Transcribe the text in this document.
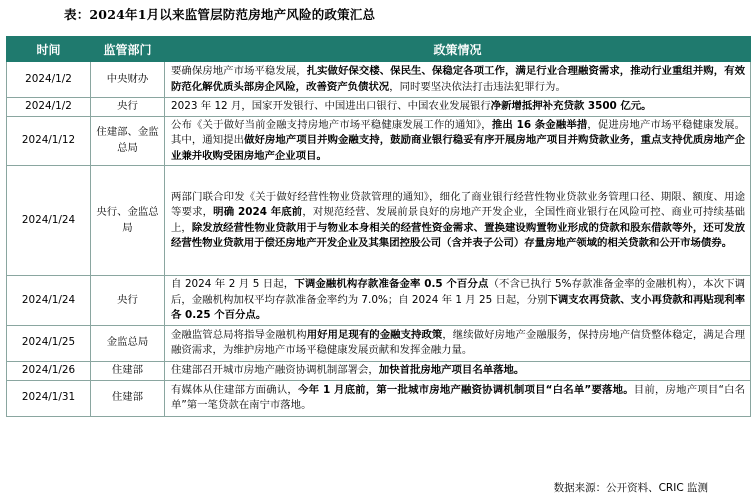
表：2024年1月以来监管层防范房地产风险的政策汇总
时间	监管部门	政策情况
2024/1/2	中央财办	要确保房地产市场平稳发展，扎实做好保交楼、保民生、保稳定各项工作，满足行业合理融资需求，推动行业重组并购，有效防范化解优质头部房企风险，改善资产负债状况，同时要坚决依法打击违法犯罪行为。
2024/1/2	央行	2023 年 12 月，国家开发银行、中国进出口银行、中国农业发展银行净新增抵押补充贷款 3500 亿元。
2024/1/12	住建部、金监总局	公布《关于做好当前金融支持房地产市场平稳健康发展工作的通知》，推出 16 条金融举措，促进房地产市场平稳健康发展。其中，通知提出做好房地产项目并购金融支持，鼓励商业银行稳妥有序开展房地产项目并购贷款业务，重点支持优质房地产企业兼并收购受困房地产企业项目。
2024/1/24	央行、金监总局	两部门联合印发《关于做好经营性物业贷款管理的通知》，细化了商业银行经营性物业贷款业务管理口径、期限、额度、用途等要求，明确 2024 年底前，对规范经营、发展前景良好的房地产开发企业，全国性商业银行在风险可控、商业可持续基础上，除发放经营性物业贷款用于与物业本身相关的经营性资金需求、置换建设购置物业形成的贷款和股东借款等外，还可发放经营性物业贷款用于偿还房地产开发企业及其集团控股公司（含并表子公司）存量房地产领域的相关贷款和公开市场债券。
2024/1/24	央行	自 2024 年 2 月 5 日起，下调金融机构存款准备金率 0.5 个百分点（不含已执行 5%存款准备金率的金融机构），本次下调后，金融机构加权平均存款准备金率约为 7.0%；自 2024 年 1 月 25 日起，分别下调支农再贷款、支小再贷款和再贴现利率各 0.25 个百分点。
2024/1/25	金监总局	金融监管总局将指导金融机构用好用足现有的金融支持政策，继续做好房地产金融服务，保持房地产信贷整体稳定，满足合理融资需求，为维护房地产市场平稳健康发展贡献和发挥金融力量。
2024/1/26	住建部	住建部召开城市房地产融资协调机制部署会，加快首批房地产项目名单落地。
2024/1/31	住建部	有媒体从住建部方面确认，今年 1 月底前，第一批城市房地产融资协调机制项目“白名单”要落地。目前，房地产项目“白名单”第一笔贷款在南宁市落地。
数据来源：公开资料、CRIC 监测
